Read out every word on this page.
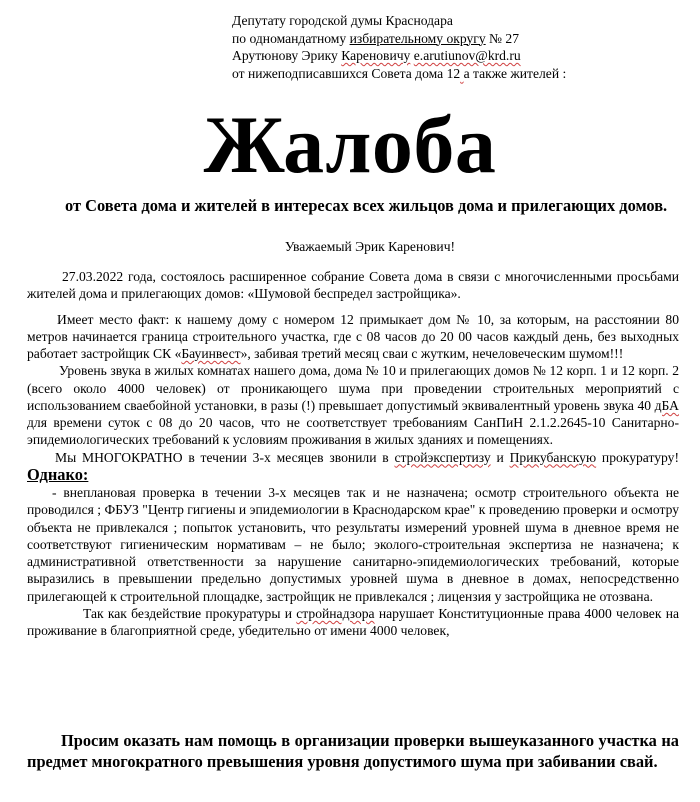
Депутату городской думы Краснодара
по одномандатному избирательному округу № 27
Арутюнову Эрику Кареновичу e.arutiunov@krd.ru
от нижеподписавшихся Совета дома 12 а также жителей :
Жалоба
от Совета дома и жителей в интересах всех жильцов дома и прилегающих домов.
Уважаемый Эрик Каренович!

27.03.2022 года, состоялось расширенное собрание Совета дома в связи с многочисленными просьбами жителей дома и прилегающих домов: «Шумовой беспредел застройщика».

Имеет место факт: к нашему дому с номером 12 примыкает дом № 10, за которым, на расстоянии 80 метров начинается граница строительного участка, где с 08 часов до 20 00 часов каждый день, без выходных работает застройщик СК «Бауинвест», забивая третий месяц сваи с жутким, нечеловеческим шумом!!!

Уровень звука в жилых комнатах нашего дома, дома № 10 и прилегающих домов № 12 корп. 1 и 12 корп. 2 (всего около 4000 человек) от проникающего шума при проведении строительных мероприятий с использованием сваебойной установки, в разы (!) превышает допустимый эквивалентный уровень звука 40 дБА для времени суток с 08 до 20 часов, что не соответствует требованиям СанПиН 2.1.2.2645-10 Санитарно-эпидемиологических требований к условиям проживания в жилых зданиях и помещениях.

Мы МНОГОКРАТНО в течении 3-х месяцев звонили в стройэкспертизу и Прикубанскую прокуратуру! Однако:

- внеплановая проверка в течении 3-х месяцев так и не назначена; осмотр строительного объекта не проводился ; ФБУЗ "Центр гигиены и эпидемиологии в Краснодарском крае" к проведению проверки и осмотру объекта не привлекался ; попыток установить, что результаты измерений уровней шума в дневное время не соответствуют гигиеническим нормативам – не было; эколого-строительная экспертиза не назначена; к административной ответственности за нарушение санитарно-эпидемиологических требований, которые выразились в превышении предельно допустимых уровней шума в дневное в домах, непосредственно прилегающей к строительной площадке, застройщик не привлекался ; лицензия у застройщика не отозвана.

Так как бездействие прокуратуры и стройнадзора нарушает Конституционные права 4000 человек на проживание в благоприятной среде, убедительно от имени 4000 человек,

Просим оказать нам помощь в организации проверки вышеуказанного участка на предмет многократного превышения уровня допустимого шума при забивании свай.
